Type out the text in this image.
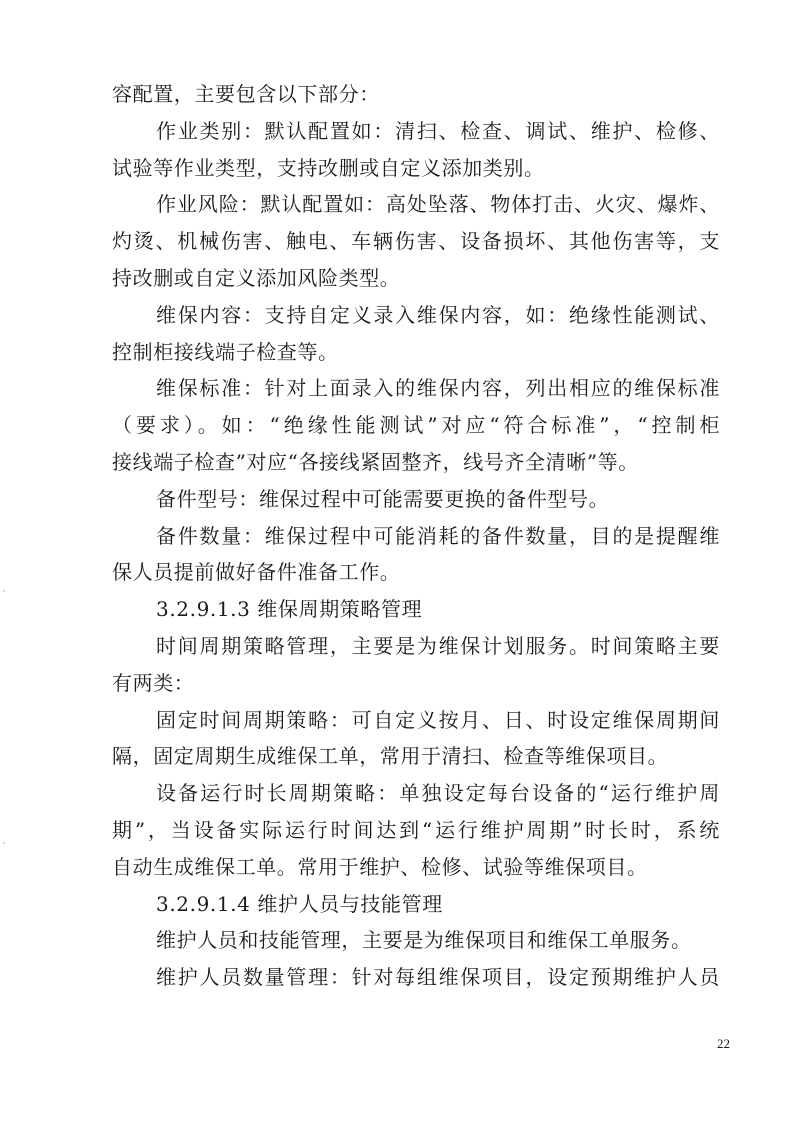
容配置，主要包含以下部分：
作业类别：默认配置如：清扫、检查、调试、维护、检修、
试验等作业类型，支持改删或自定义添加类别。
作业风险：默认配置如：高处坠落、物体打击、火灾、爆炸、
灼烫、机械伤害、触电、车辆伤害、设备损坏、其他伤害等，支
持改删或自定义添加风险类型。
维保内容：支持自定义录入维保内容，如：绝缘性能测试、
控制柜接线端子检查等。
维保标准：针对上面录入的维保内容，列出相应的维保标准
（要求）。如：“绝缘性能测试”对应“符合标准”，“控制柜
接线端子检查”对应“各接线紧固整齐，线号齐全清晰”等。
备件型号：维保过程中可能需要更换的备件型号。
备件数量：维保过程中可能消耗的备件数量，目的是提醒维
保人员提前做好备件准备工作。
3.2.9.1.3 维保周期策略管理
时间周期策略管理，主要是为维保计划服务。时间策略主要
有两类：
固定时间周期策略：可自定义按月、日、时设定维保周期间
隔，固定周期生成维保工单，常用于清扫、检查等维保项目。
设备运行时长周期策略：单独设定每台设备的“运行维护周
期”，当设备实际运行时间达到“运行维护周期”时长时，系统
自动生成维保工单。常用于维护、检修、试验等维保项目。
3.2.9.1.4 维护人员与技能管理
维护人员和技能管理，主要是为维保项目和维保工单服务。
维护人员数量管理：针对每组维保项目，设定预期维护人员
22
